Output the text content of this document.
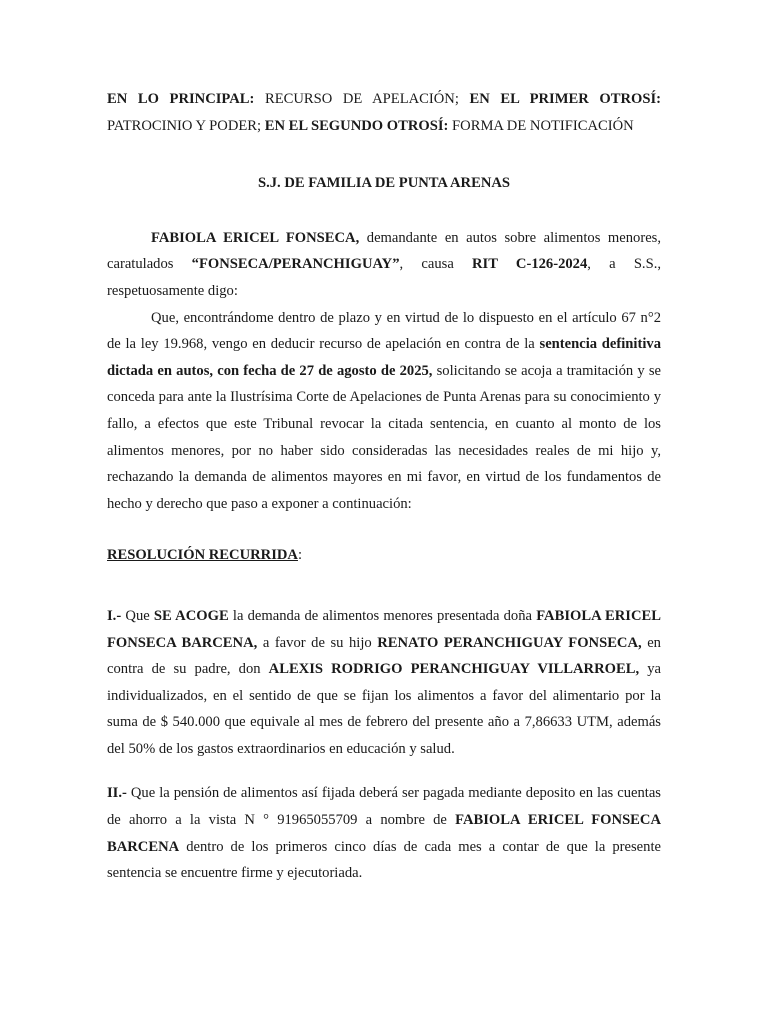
EN LO PRINCIPAL: RECURSO DE APELACIÓN; EN EL PRIMER OTROSÍ: PATROCINIO Y PODER; EN EL SEGUNDO OTROSÍ: FORMA DE NOTIFICACIÓN

S.J. DE FAMILIA DE PUNTA ARENAS

FABIOLA ERICEL FONSECA, demandante en autos sobre alimentos menores, caratulados “FONSECA/PERANCHIGUAY”, causa RIT C-126-2024, a S.S., respetuosamente digo:

Que, encontrándome dentro de plazo y en virtud de lo dispuesto en el artículo 67 n°2 de la ley 19.968, vengo en deducir recurso de apelación en contra de la sentencia definitiva dictada en autos, con fecha de 27 de agosto de 2025, solicitando se acoja a tramitación y se conceda para ante la Ilustrísima Corte de Apelaciones de Punta Arenas para su conocimiento y fallo, a efectos que este Tribunal revocar la citada sentencia, en cuanto al monto de los alimentos menores, por no haber sido consideradas las necesidades reales de mi hijo y, rechazando la demanda de alimentos mayores en mi favor, en virtud de los fundamentos de hecho y derecho que paso a exponer a continuación:

RESOLUCIÓN RECURRIDA:

I.- Que SE ACOGE la demanda de alimentos menores presentada doña FABIOLA ERICEL FONSECA BARCENA, a favor de su hijo RENATO PERANCHIGUAY FONSECA, en contra de su padre, don ALEXIS RODRIGO PERANCHIGUAY VILLARROEL, ya individualizados, en el sentido de que se fijan los alimentos a favor del alimentario por la suma de $ 540.000 que equivale al mes de febrero del presente año a 7,86633 UTM, además del 50% de los gastos extraordinarios en educación y salud.

II.- Que la pensión de alimentos así fijada deberá ser pagada mediante deposito en las cuentas de ahorro a la vista N ° 91965055709 a nombre de FABIOLA ERICEL FONSECA BARCENA dentro de los primeros cinco días de cada mes a contar de que la presente sentencia se encuentre firme y ejecutoriada.
